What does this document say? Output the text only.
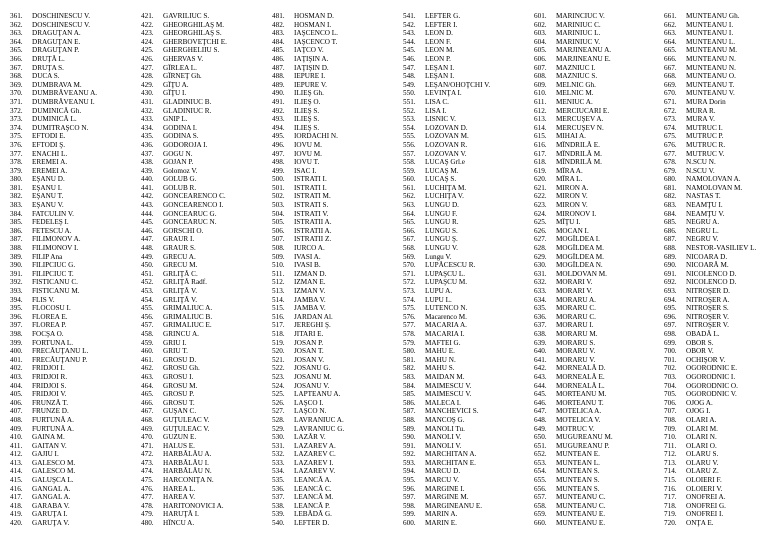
361. DOSCHINESCU V.
362. DOSCHINESCU V.
363. DRAGUŢAN A.
364. DRAGUŢAN E.
365. DRAGUŢAN P.
366. DRUŢĂ L.
367. DRUŢA S.
368. DUCA S.
369. DUMBRAVA M.
370. DUMBRĂVEANU A.
371. DUMBRĂVEANU I.
372. DUMINICĂ Gh.
373. DUMINICĂ L.
374. DUMITRAŞCO N.
375. EFTODI E.
376. EFTODI Ş.
377. ENACHI L.
378. EREMEI A.
379. EREMEI A.
380. EŞANU D.
381. EŞANU I.
382. EŞANU T.
383. EŞANU V.
384. FATCULIN V.
385. FEDELEŞ I.
386. FETESCU A.
387. FILIMONOV A.
388. FILIMONOV I.
389. FILIP Ana
390. FILIPCIUC G.
391. FILIPCIUC T.
392. FISTICANU C.
393. FISTICANU M.
394. FLIS V.
395. FLOCOSU I.
396. FLOREA E.
397. FLOREA P.
398. FOCŞA O.
399. FORTUNA L.
400. FRECĂUŢANU L.
401. FRECĂUŢANU P.
402. FRIDJOI I.
403. FRIDJOI R.
404. FRIDJOI S.
405. FRIDJOI V.
406. FRUNZĂ T.
407. FRUNZE D.
408. FURTUNĂ A.
409. FURTUNĂ A.
410. GAINA M.
411. GAITAN V.
412. GAJIU I.
413. GALESCO M.
414. GALESCO M.
415. GALUŞCA L.
416. GANGAL A.
417. GANGAL A.
418. GARABA V.
419. GARUŢA I.
420. GARUŢA V.
421. GAVRILIUC S.
422. GHEORGHILAŞ M.
423. GHEORGHILAŞ S.
424. GHERBOVEŢCHI E.
425. GHERGHELIIU S.
426. GHERVAS V.
427. GÎRLEA L.
428. GÎRNEŢ Gh.
429. GÎŢU A.
430. GÎŢU I.
431. GLADINIUC B.
432. GLADINIUC R.
433. GNIP L.
434. GODINA I.
435. GODINA S.
436. GODOROJA I.
437. GOGU N.
438. GOJAN P.
439. Golomoz V.
440. GOLUB G.
441. GOLUB R.
442. GONCEARENCO C.
443. GONCEARENCO I.
444. GONCEARUC G.
445. GONCEARUC N.
446. GORSCHI O.
447. GRAUR I.
448. GRAUR S.
449. GRECU A.
450. GRECU M.
451. GRLIŢĂ C.
452. GRLIŢĂ Radf.
453. GRLIŢĂ V.
454. GRLIŢĂ V.
455. GRIMALIUC A.
456. GRIMALIUC B.
457. GRIMALIUC E.
458. GRINCU A.
459. GRIU I.
460. GRIU T.
461. GROSU D.
462. GROSU Gh.
463. GROSU I.
464. GROSU M.
465. GROSU P.
466. GROSU T.
467. GUŞAN C.
468. GUŢULEAC V.
469. GUŢULEAC V.
470. GUZUN E.
471. HALUS E.
472. HARBĂLĂU A.
473. HARBĂLĂU I.
474. HARBĂLĂU N.
475. HARCONIŢA N.
476. HAREA L.
477. HAREA V.
478. HARITONOVICI A.
479. HARUŢĂ I.
480. HÎNCU A.
481. HOSMAN D.
482. HOSMAN I.
483. IAŞCENCO L.
484. IAŞCENCO T.
485. IAŢCO V.
486. IAŢIŞIN A.
487. IAŢIŞIN D.
488. IEPURE I.
489. IEPURE V.
490. ILIEŞ Gh.
491. ILIEŞ O.
492. ILIEŞ S.
493. ILIEŞ S.
494. ILIEŞ S.
495. IORDACHI N.
496. IOVU M.
497. IOVU M.
498. IOVU T.
499. ISAC I.
500. ISTRATI I.
501. ISTRATI I.
502. ISTRATI M.
503. ISTRATI S.
504. ISTRATI V.
505. ISTRATII A.
506. ISTRATII A.
507. ISTRATII Z.
508. IURCO A.
509. IVASI A.
510. IVASI B.
511. IZMAN D.
512. IZMAN E.
513. IZMAN V.
514. JAMBA V.
515. JAMBA V.
516. JARDAN Al.
517. JEREGHI Ş.
518. JITARI E.
519. JOSAN P.
520. JOSAN T.
521. JOSAN V.
522. JOSANU G.
523. JOSANU M.
524. JOSANU V.
525. LAPTEANU A.
526. LAŞCO I.
527. LAŞCO N.
528. LAVRANIUC A.
529. LAVRANIUC G.
530. LAZĂR V.
531. LAZAREV A.
532. LAZAREV C.
533. LAZAREV I.
534. LAZAREV V.
535. LEANCĂ A.
536. LEANCĂ C.
537. LEANCĂ M.
538. LEANCĂ P.
539. LEBĂDĂ G.
540. LEFTER D.
541. LEFTER G.
542. LEFTER I.
543. LEON D.
544. LEON F.
545. LEON M.
546. LEON P.
547. LEŞAN I.
548. LEŞAN I.
549. LEŞAN/OHOŢCHI V.
550. LEVINŢA I.
551. LISA C.
552. LISA I.
553. LISNIC V.
554. LOZOVAN D.
555. LOZOVAN M.
556. LOZOVAN R.
557. LOZOVAN V.
558. LUCAŞ Grl.e
559. LUCAŞ M.
560. LUCAŞ S.
561. LUCHIŢA M.
562. LUCHIŢA V.
563. LUNGU D.
564. LUNGU F.
565. LUNGU R.
566. LUNGU S.
567. LUNGU Ş.
568. LUNGU V.
569. Lungu V.
570. LUPĂCESCU R.
571. LUPAŞCU L.
572. LUPAŞCU M.
573. LUPU A.
574. LUPU L.
575. LUTENCO N.
576. Macarenco M.
577. MACARIA A.
578. MACARIA I.
579. MAFTEI G.
580. MAHU E.
581. MAHU N.
582. MAHU S.
583. MAIDAN M.
584. MAIMESCU V.
585. MAIMESCU V.
586. MALECA I.
587. MANCHEVICI S.
588. MANCOŞ G.
589. MANOLI Tu.
590. MANOLI V.
591. MANOLI V.
592. MARCHITAN A.
593. MARCHITAN E.
594. MARCU D.
595. MARCU V.
596. MARGINE I.
597. MARGINE M.
598. MARGINEANU E.
599. MARIN A.
600. MARIN E.
601. MARINCIUC V.
602. MARINIUC C.
603. MARINIUC L.
604. MARINIUC V.
605. MARJINEANU A.
606. MARJINEANU E.
607. MAZNIUC I.
608. MAZNIUC S.
609. MELNIC Gh.
610. MELNIC M.
611. MENIUC A.
612. MERCIUCARI E.
613. MERCUŞEV A.
614. MERCUŞEV N.
615. MIHAI A.
616. MÎNDRILĂ E.
617. MÎNDRILĂ M.
618. MÎNDRILĂ M.
619. MÎRA A.
620. MÎRA L.
621. MIRON A.
622. MIRON V.
623. MIRON V.
624. MIRONOV I.
625. MÎŢU I.
626. MOCAN I.
627. MOGÎLDEA I.
628. MOGÎLDEA M.
629. MOGÎLDEA M.
630. MOGÎLDEA N.
631. MOLDOVAN M.
632. MORARI V.
633. MORARI V.
634. MORARU A.
635. MORARU C.
636. MORARU C.
637. MORARU I.
638. MORARU M.
639. MORARU S.
640. MORARU V.
641. MORARU V.
642. MORNEALĂ D.
643. MORNEALĂ E.
644. MORNEALĂ L.
645. MORTEANU M.
646. MORTEANU T.
647. MOTELICA A.
648. MOTELICA V.
649. MOTRUC V.
650. MUGUREANU M.
651. MUGUREANU P.
652. MUNTEAN E.
653. MUNTEAN L.
654. MUNTEAN S.
655. MUNTEAN S.
656. MUNTEAN S.
657. MUNTEANU C.
658. MUNTEANU C.
659. MUNTEANU E.
660. MUNTEANU E.
661. MUNTEANU Gh.
662. MUNTEANU I.
663. MUNTEANU I.
664. MUNTEANU L.
665. MUNTEANU M.
666. MUNTEANU N.
667. MUNTEANU N.
668. MUNTEANU O.
669. MUNTEANU T.
670. MUNTEANU V.
671. MURA Dorin
672. MURA R.
673. MURA V.
674. MUTRUC I.
675. MUTRUC P.
676. MUTRUC R.
677. MUTRUC V.
678. N.SCU N.
679. N.SCU V.
680. NAMOLOVAN A.
681. NAMOLOVAN M.
682. NASTAS T.
683. NEAMŢU I.
684. NEAMŢU V.
685. NEGRU A.
686. NEGRU L.
687. NEGRU V.
688. NESTOR-VASILIEV L.
689. NICOARA D.
690. NICOARĂ M.
691. NICOLENCO D.
692. NICOLENCO D.
693. NITROŞER D.
694. NITROŞER A.
695. NITROŞER S.
696. NITROŞER V.
697. NITROŞER V.
698. OBADĂ L.
699. OBOR S.
700. OBOR V.
701. OCHIŞOR V.
702. OGORODNIC E.
703. OGORODNIC I.
704. OGORODNIC O.
705. OGORODNIC V.
706. OJOG A.
707. OJOG I.
708. OLARI A.
709. OLARI M.
710. OLARI N.
711. OLARI O.
712. OLARU S.
713. OLARU V.
714. OLARU Z.
715. OLOIERI F.
716. OLOIERI V.
717. ONOFREI A.
718. ONOFREI G.
719. ONOFREI I.
720. ONŢA E.
